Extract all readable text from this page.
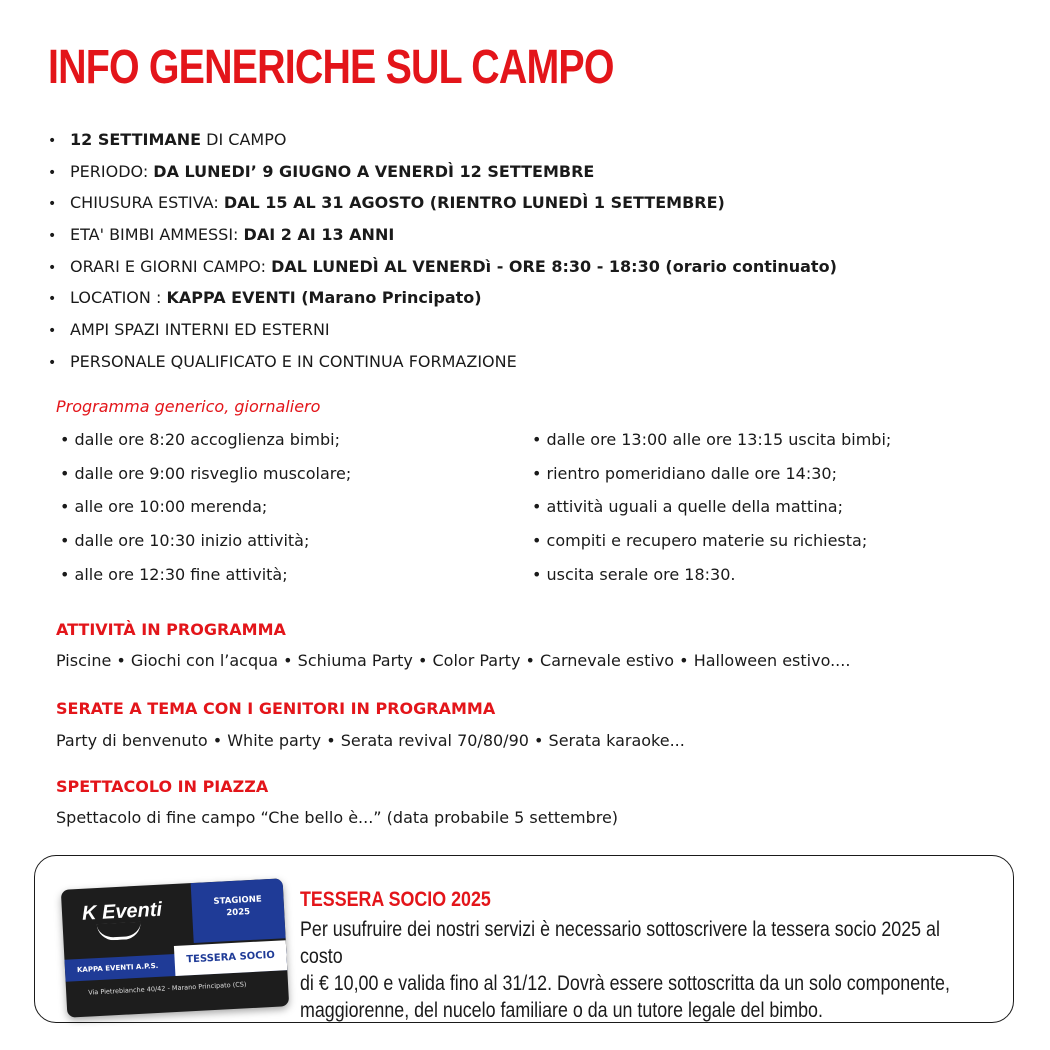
INFO GENERICHE SUL CAMPO
• 12 SETTIMANE DI CAMPO
• PERIODO: DA LUNEDI’ 9 GIUGNO A VENERDÌ 12 SETTEMBRE
• CHIUSURA ESTIVA: DAL 15 AL 31 AGOSTO (RIENTRO LUNEDÌ 1 SETTEMBRE)
• ETA' BIMBI AMMESSI: DAI 2 AI 13 ANNI
• ORARI E GIORNI CAMPO: DAL LUNEDÌ AL VENERDì - ORE 8:30 - 18:30 (orario continuato)
• LOCATION : KAPPA EVENTI (Marano Principato)
• AMPI SPAZI INTERNI ED ESTERNI
• PERSONALE QUALIFICATO E IN CONTINUA FORMAZIONE
Programma generico, giornaliero
• dalle ore 8:20 accoglienza bimbi;
• dalle ore 9:00 risveglio muscolare;
• alle ore 10:00 merenda;
• dalle ore 10:30 inizio attività;
• alle ore 12:30 fine attività;
• dalle ore 13:00 alle ore 13:15 uscita bimbi;
• rientro pomeridiano dalle ore 14:30;
• attività uguali a quelle della mattina;
• compiti e recupero materie su richiesta;
• uscita serale ore 18:30.
ATTIVITÀ IN PROGRAMMA
Piscine • Giochi con l’acqua • Schiuma Party • Color Party • Carnevale estivo • Halloween estivo....
SERATE A TEMA CON I GENITORI IN PROGRAMMA
Party di benvenuto • White party • Serata revival 70/80/90 • Serata karaoke...
SPETTACOLO IN PIAZZA
Spettacolo di fine campo “Che bello è...” (data probabile 5 settembre)
K Eventi	STAGIONE
2025
KAPPA EVENTI A.P.S.
TESSERA SOCIO
Via Pietrebianche 40/42 - Marano Principato (CS)
TESSERA SOCIO 2025
Per usufruire dei nostri servizi è necessario sottoscrivere la tessera socio 2025 al costo
di € 10,00 e valida fino al 31/12. Dovrà essere sottoscritta da un solo componente,
maggiorenne, del nucelo familiare o da un tutore legale del bimbo.
